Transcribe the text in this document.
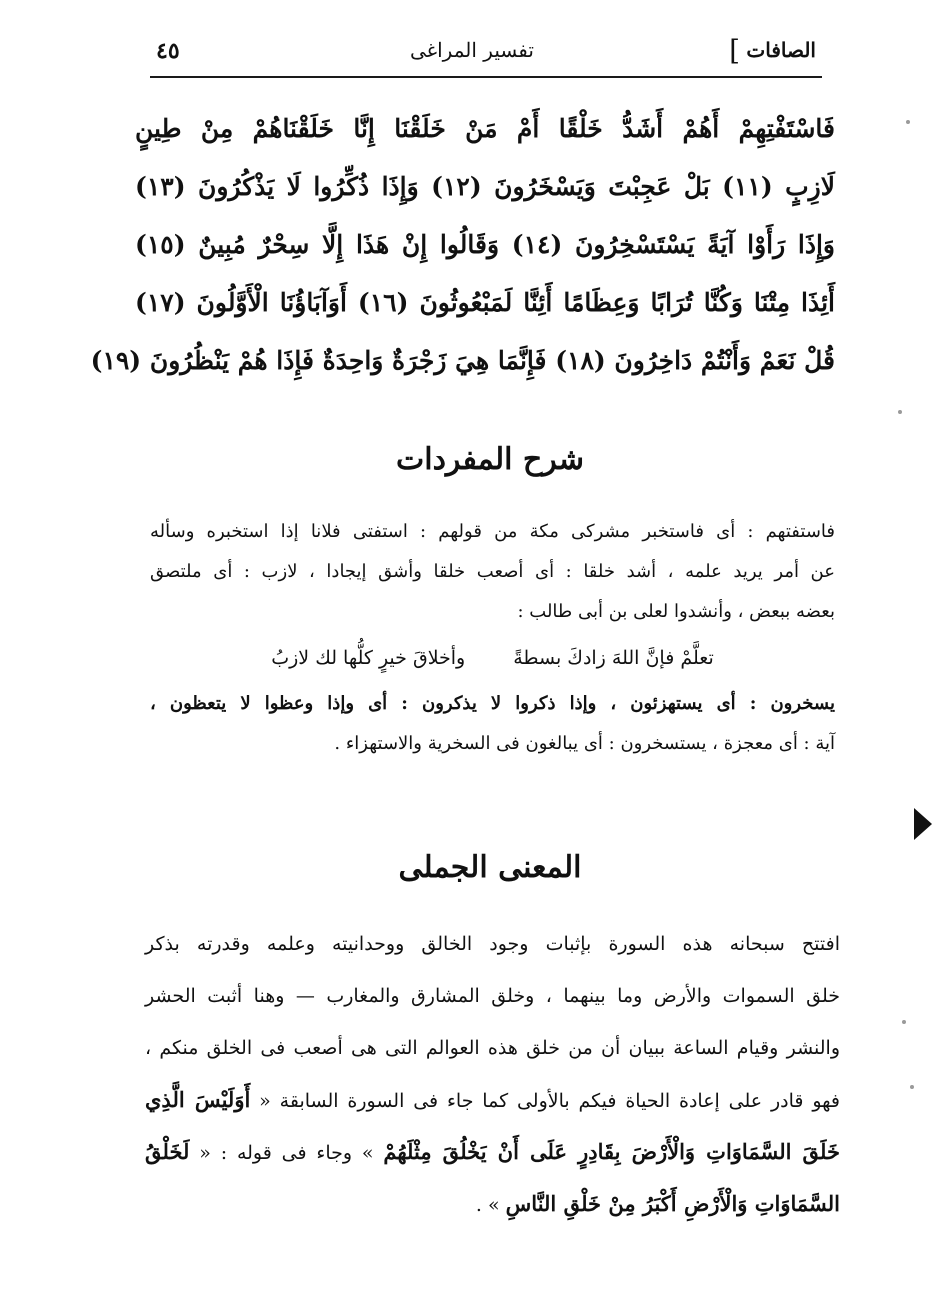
الصافات
]
تفسير المراغى
٤٥
فَاسْتَفْتِهِمْ أَهُمْ أَشَدُّ خَلْقًا أَمْ مَنْ خَلَقْنَا إِنَّا خَلَقْنَاهُمْ مِنْ طِينٍ
لَازِبٍ (١١) بَلْ عَجِبْتَ وَيَسْخَرُونَ (١٢) وَإِذَا ذُكِّرُوا لَا يَذْكُرُونَ (١٣)
وَإِذَا رَأَوْا آيَةً يَسْتَسْخِرُونَ (١٤) وَقَالُوا إِنْ هَذَا إِلَّا سِحْرٌ مُبِينٌ (١٥)
أَئِذَا مِتْنَا وَكُنَّا تُرَابًا وَعِظَامًا أَئِنَّا لَمَبْعُوثُونَ (١٦) أَوَآبَاؤُنَا الْأَوَّلُونَ (١٧)
قُلْ نَعَمْ وَأَنْتُمْ دَاخِرُونَ (١٨) فَإِنَّمَا هِيَ زَجْرَةٌ وَاحِدَةٌ فَإِذَا هُمْ يَنْظُرُونَ (١٩)
شرح المفردات
فاستفتهم : أى فاستخبر مشركى مكة من قولهم : استفتى فلانا إذا استخبره وسأله
عن أمر يريد علمه ، أشد خلقا : أى أصعب خلقا وأشق إيجادا ، لازب : أى ملتصق
بعضه ببعض ، وأنشدوا لعلى بن أبى طالب :
تعلَّمْ فإنَّ اللهَ زادكَ بسطةًوأخلاقَ خيرٍ كلُّها لك لازبُ
يسخرون : أى يستهزئون ، وإذا ذكروا لا يذكرون : أى وإذا وعظوا لا يتعظون ،
آية : أى معجزة ، يستسخرون : أى يبالغون فى السخرية والاستهزاء .
المعنى الجملى
افتتح سبحانه هذه السورة بإثبات وجود الخالق ووحدانيته وعلمه وقدرته بذكر
خلق السموات والأرض وما بينهما ، وخلق المشارق والمغارب — وهنا أثبت الحشر
والنشر وقيام الساعة ببيان أن من خلق هذه العوالم التى هى أصعب فى الخلق منكم ،
فهو قادر على إعادة الحياة فيكم بالأولى كما جاء فى السورة السابقة « أَوَلَيْسَ الَّذِي
خَلَقَ السَّمَاوَاتِ وَالْأَرْضَ بِقَادِرٍ عَلَى أَنْ يَخْلُقَ مِثْلَهُمْ » وجاء فى قوله : « لَخَلْقُ
السَّمَاوَاتِ وَالْأَرْضِ أَكْبَرُ مِنْ خَلْقِ النَّاسِ » .
